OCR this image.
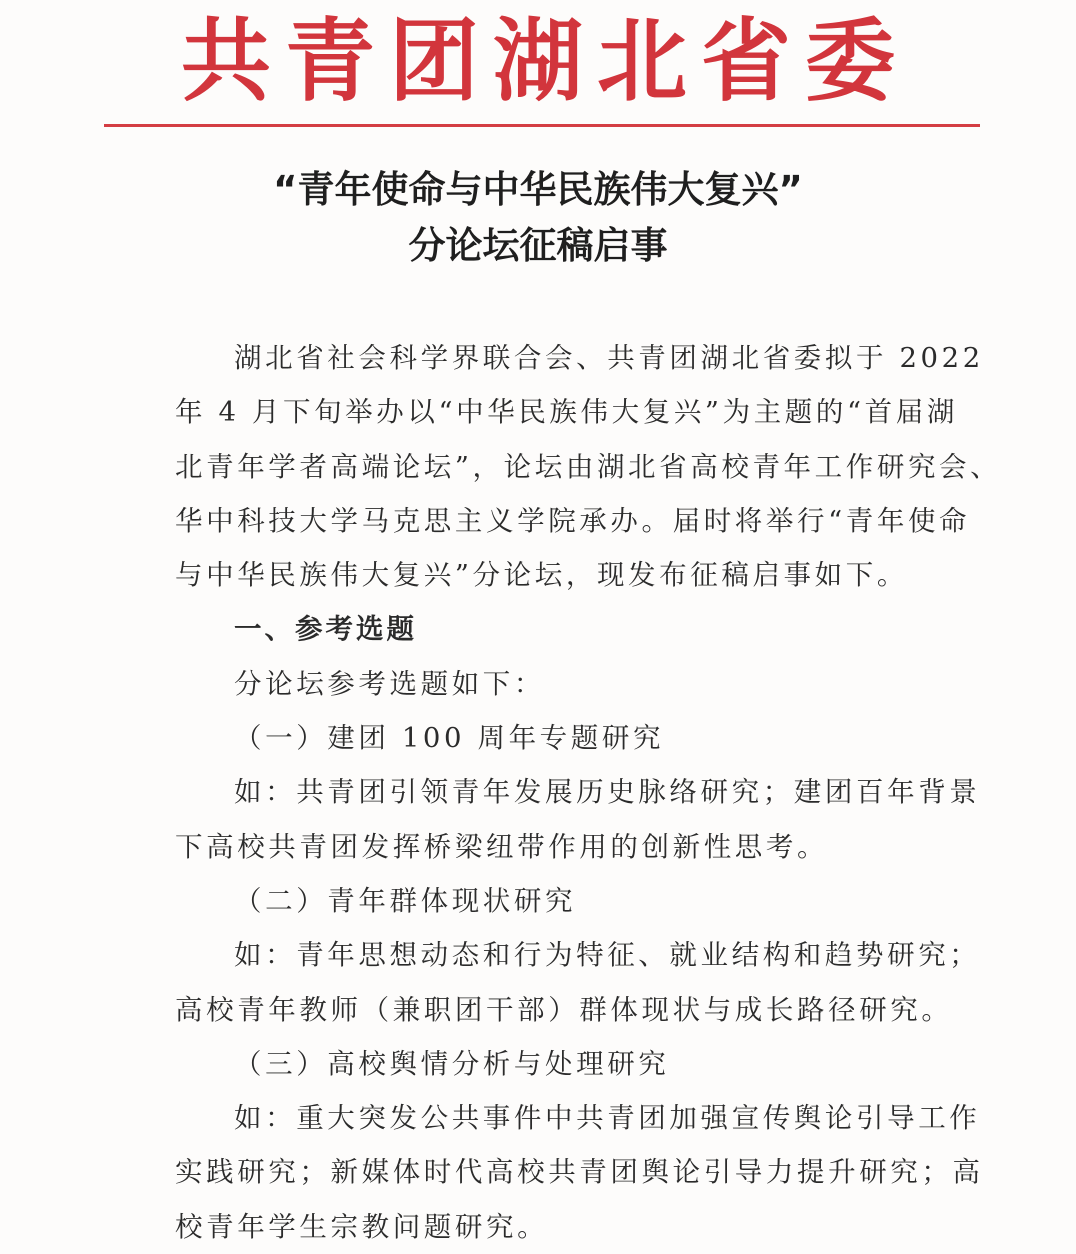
共青团湖北省委
“青年使命与中华民族伟大复兴”
分论坛征稿启事

湖北省社会科学界联合会、共青团湖北省委拟于 2022

年 4 月下旬举办以“中华民族伟大复兴”为主题的“首届湖

北青年学者高端论坛”，论坛由湖北省高校青年工作研究会、

华中科技大学马克思主义学院承办。届时将举行“青年使命

与中华民族伟大复兴”分论坛，现发布征稿启事如下。

一、参考选题

分论坛参考选题如下：

（一）建团 100 周年专题研究

如：共青团引领青年发展历史脉络研究；建团百年背景

下高校共青团发挥桥梁纽带作用的创新性思考。

（二）青年群体现状研究

如：青年思想动态和行为特征、就业结构和趋势研究；

高校青年教师（兼职团干部）群体现状与成长路径研究。

（三）高校舆情分析与处理研究

如：重大突发公共事件中共青团加强宣传舆论引导工作

实践研究；新媒体时代高校共青团舆论引导力提升研究；高

校青年学生宗教问题研究。
